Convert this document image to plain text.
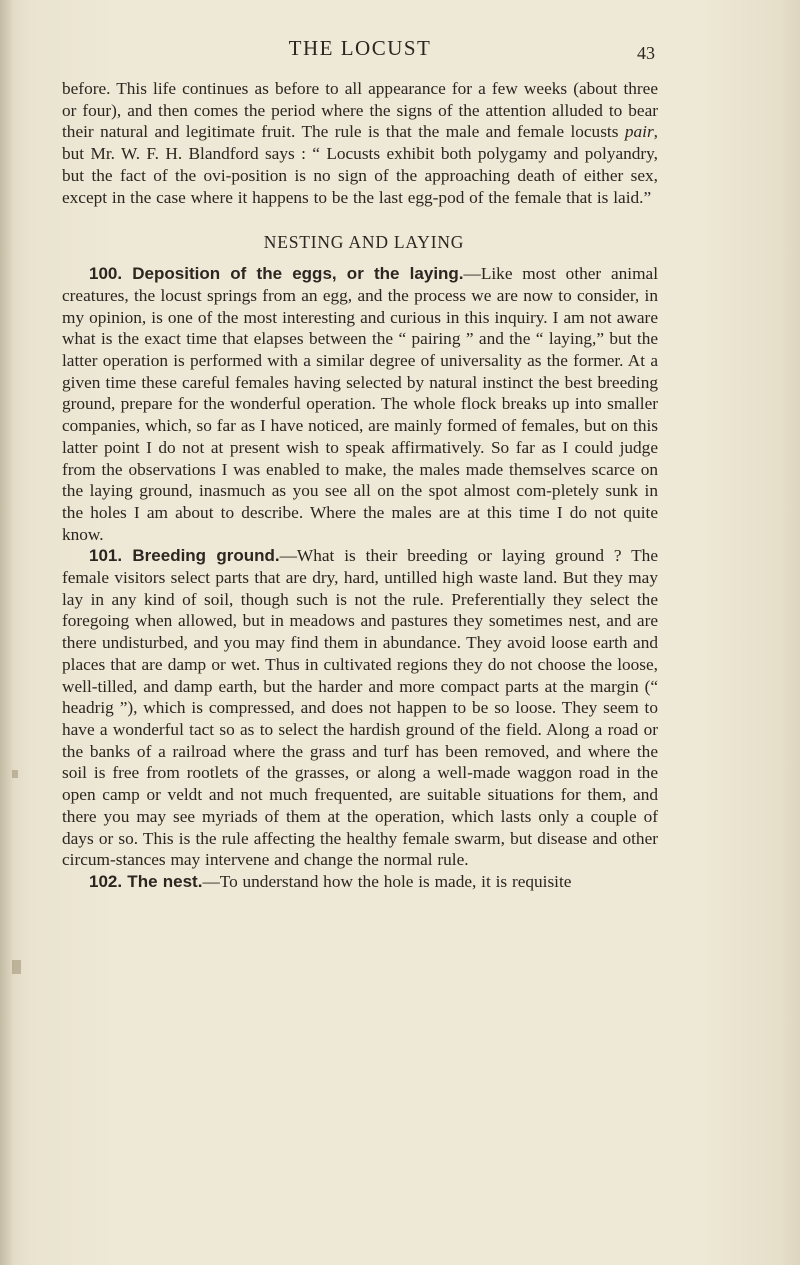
THE LOCUST	43

before. This life continues as before to all appearance for a few weeks (about three or four), and then comes the period where the signs of the attention alluded to bear their natural and legitimate fruit. The rule is that the male and female locusts pair, but Mr. W. F. H. Blandford says : “ Locusts exhibit both polygamy and polyandry, but the fact of the ovi-position is no sign of the approaching death of either sex, except in the case where it happens to be the last egg-pod of the female that is laid.”

NESTING AND LAYING

100. Deposition of the eggs, or the laying.—Like most other animal creatures, the locust springs from an egg, and the process we are now to consider, in my opinion, is one of the most interesting and curious in this inquiry. I am not aware what is the exact time that elapses between the “ pairing ” and the “ laying,” but the latter operation is performed with a similar degree of universality as the former. At a given time these careful females having selected by natural instinct the best breeding ground, prepare for the wonderful operation. The whole flock breaks up into smaller companies, which, so far as I have noticed, are mainly formed of females, but on this latter point I do not at present wish to speak affirmatively. So far as I could judge from the observations I was enabled to make, the males made themselves scarce on the laying ground, inasmuch as you see all on the spot almost com-pletely sunk in the holes I am about to describe. Where the males are at this time I do not quite know.

101. Breeding ground.—What is their breeding or laying ground ? The female visitors select parts that are dry, hard, untilled high waste land. But they may lay in any kind of soil, though such is not the rule. Preferentially they select the foregoing when allowed, but in meadows and pastures they sometimes nest, and are there undisturbed, and you may find them in abundance. They avoid loose earth and places that are damp or wet. Thus in cultivated regions they do not choose the loose, well-tilled, and damp earth, but the harder and more compact parts at the margin (“ headrig ”), which is compressed, and does not happen to be so loose. They seem to have a wonderful tact so as to select the hardish ground of the field. Along a road or the banks of a railroad where the grass and turf has been removed, and where the soil is free from rootlets of the grasses, or along a well-made waggon road in the open camp or veldt and not much frequented, are suitable situations for them, and there you may see myriads of them at the operation, which lasts only a couple of days or so. This is the rule affecting the healthy female swarm, but disease and other circum-stances may intervene and change the normal rule.

102. The nest.—To understand how the hole is made, it is requisite
